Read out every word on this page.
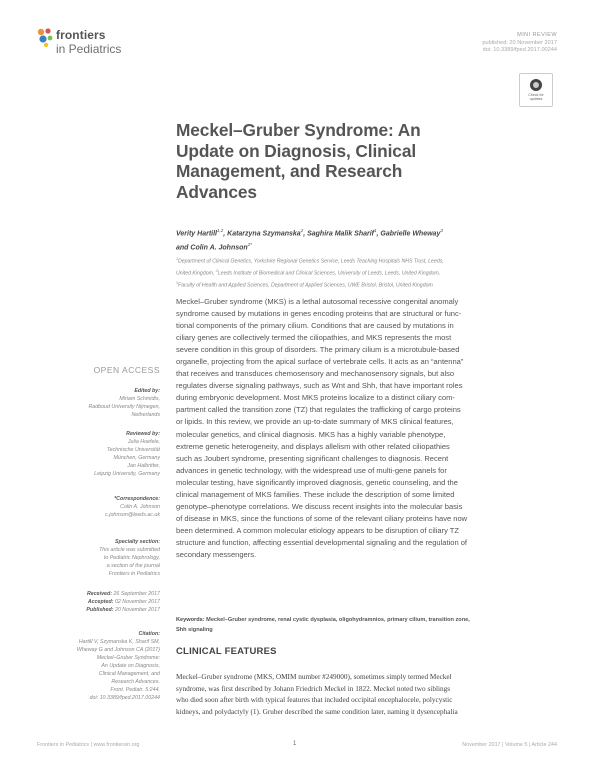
frontiers
in Pediatrics
MINI REVIEW
published: 20 November 2017
doi: 10.3389/fped.2017.00244
Check for
updates
Meckel–Gruber Syndrome: An
Update on Diagnosis, Clinical
Management, and Research
Advances
Verity Hartill$^{1,2}$, Katarzyna Szymanska$^2$, Saghira Malik Sharif$^1$, Gabrielle Wheway$^3$
and Colin A. Johnson$^{2*}$
$^1$Department of Clinical Genetics, Yorkshire Regional Genetics Service, Leeds Teaching Hospitals NHS Trust, Leeds,
United Kingdom, $^2$Leeds Institute of Biomedical and Clinical Sciences, University of Leeds, Leeds, United Kingdom,
$^3$Faculty of Health and Applied Sciences, Department of Applied Sciences, UWE Bristol, Bristol, United Kingdom
Meckel–Gruber syndrome (MKS) is a lethal autosomal recessive congenital anomaly
syndrome caused by mutations in genes encoding proteins that are structural or func-
tional components of the primary cilium. Conditions that are caused by mutations in
ciliary genes are collectively termed the ciliopathies, and MKS represents the most
severe condition in this group of disorders. The primary cilium is a microtubule-based
organelle, projecting from the apical surface of vertebrate cells. It acts as an “antenna”
that receives and transduces chemosensory and mechanosensory signals, but also
regulates diverse signaling pathways, such as Wnt and Shh, that have important roles
during embryonic development. Most MKS proteins localize to a distinct ciliary com-
partment called the transition zone (TZ) that regulates the trafficking of cargo proteins
or lipids. In this review, we provide an up-to-date summary of MKS clinical features,
molecular genetics, and clinical diagnosis. MKS has a highly variable phenotype,
extreme genetic heterogeneity, and displays allelism with other related ciliopathies
such as Joubert syndrome, presenting significant challenges to diagnosis. Recent
advances in genetic technology, with the widespread use of multi-gene panels for
molecular testing, have significantly improved diagnosis, genetic counseling, and the
clinical management of MKS families. These include the description of some limited
genotype–phenotype correlations. We discuss recent insights into the molecular basis
of disease in MKS, since the functions of some of the relevant ciliary proteins have now
been determined. A common molecular etiology appears to be disruption of ciliary TZ
structure and function, affecting essential developmental signaling and the regulation of
secondary messengers.
Keywords: Meckel–Gruber syndrome, renal cystic dysplasia, oligohydramnios, primary cilium, transition zone,
Shh signaling
CLINICAL FEATURES
Meckel–Gruber syndrome (MKS, OMIM number #249000), sometimes simply termed Meckel
syndrome, was first described by Johann Friedrich Meckel in 1822. Meckel noted two siblings
who died soon after birth with typical features that included occipital encephalocele, polycystic
kidneys, and polydactyly (1). Gruber described the same condition later, naming it dysencephalia
OPEN ACCESS
Edited by:
Miriam Schmidts,
Radboud University Nijmegen,
Netherlands
Reviewed by:
Julia Hoefele,
Technische Universität
München, Germany
Jan Halbritter,
Leipzig University, Germany
*Correspondence:
Colin A. Johnson
c.johnson@leeds.ac.uk
Specialty section:
This article was submitted
to Pediatric Nephrology,
a section of the journal
Frontiers in Pediatrics
Received: 26 September 2017
Accepted: 02 November 2017
Published: 20 November 2017
Citation:
Hartill V, Szymanska K, Sharif SM,
Wheway G and Johnson CA (2017)
Meckel–Gruber Syndrome:
An Update on Diagnosis,
Clinical Management, and
Research Advances.
Front. Pediatr. 5:244.
doi: 10.3389/fped.2017.00244
Frontiers in Pediatrics | www.frontiersin.org	1	November 2017 | Volume 5 | Article 244
